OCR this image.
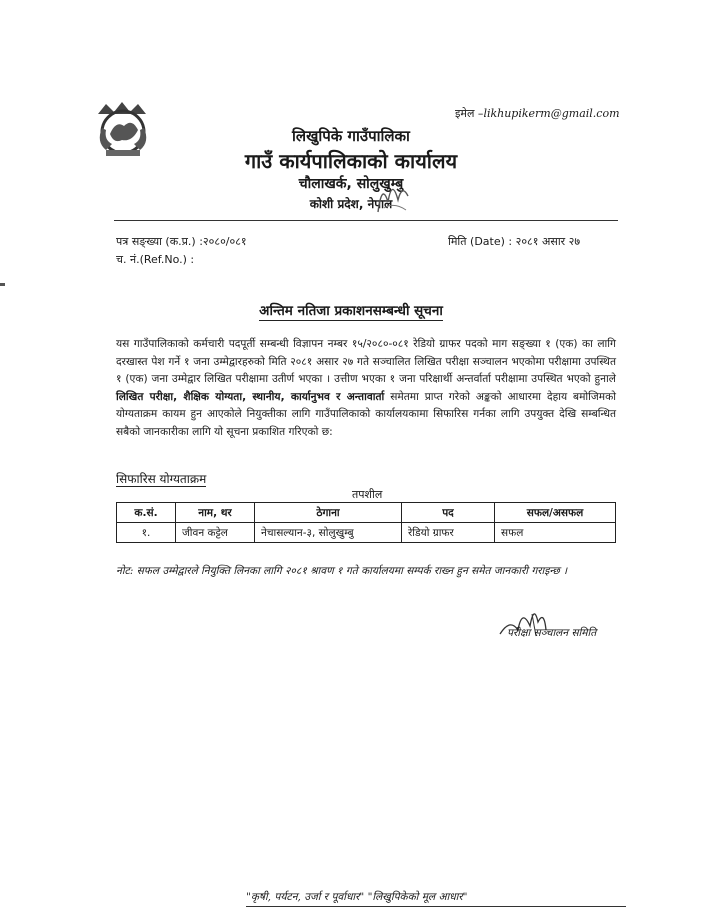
इमेल –likhupikerm@gmail.com
लिखुपिके गाउँपालिका
गाउँ कार्यपालिकाको कार्यालय
चौलाखर्क, सोलुखुम्बु
कोशी प्रदेश, नेपाल
पत्र सङ्ख्या (क.प्र.) :२०८०/०८१
च. नं.(Ref.No.) :
मिति (Date) : २०८१ असार २७
अन्तिम नतिजा प्रकाशनसम्बन्धी सूचना
यस गाउँपालिकाको कर्मचारी पदपूर्ती सम्बन्धी विज्ञापन नम्बर १५/२०८०-०८१ रेडियो ग्राफर पदको माग सङ्ख्या १ (एक) का लागि दरखास्त पेश गर्ने १ जना उम्मेद्वारहरुको मिति २०८१ असार २७ गते सञ्चालित लिखित परीक्षा सञ्चालन भएकोमा परीक्षामा उपस्थित १ (एक) जना उम्मेद्वार लिखित परीक्षामा उतीर्ण भएका । उत्तीण भएका १ जना परिक्षार्थी अन्तर्वार्ता परीक्षामा उपस्थित भएको हुनाले लिखित परीक्षा, शैक्षिक योग्यता, स्थानीय, कार्यानुभव र अन्तावार्ता समेतमा प्राप्त गरेको अङ्कको आधारमा देहाय बमोजिमको योग्यताक्रम कायम हुन आएकोले नियुक्तीका लागि गाउँपालिकाको कार्यालयकामा सिफारिस गर्नका लागि उपयुक्त देखि सम्बन्धित सबैको जानकारीका लागि यो सूचना प्रकाशित गरिएको छ:
सिफारिस योग्यताक्रम
तपशील
क.सं.	नाम, थर	ठेगाना	पद	सफल/असफल
१.	जीवन कट्टेल	नेचासल्यान-३, सोलुखुम्बु	रेडियो ग्राफर	सफल
नोट: सफल उम्मेद्वारले नियुक्ति लिनका लागि २०८१ श्रावण १ गते कार्यालयमा सम्पर्क राख्न हुन समेत जानकारी गराइन्छ ।
परीक्षा सञ्चालन समिति
"कृषी, पर्यटन, उर्जा र पूर्वाधार" "लिखुपिकेको मूल आधार"
